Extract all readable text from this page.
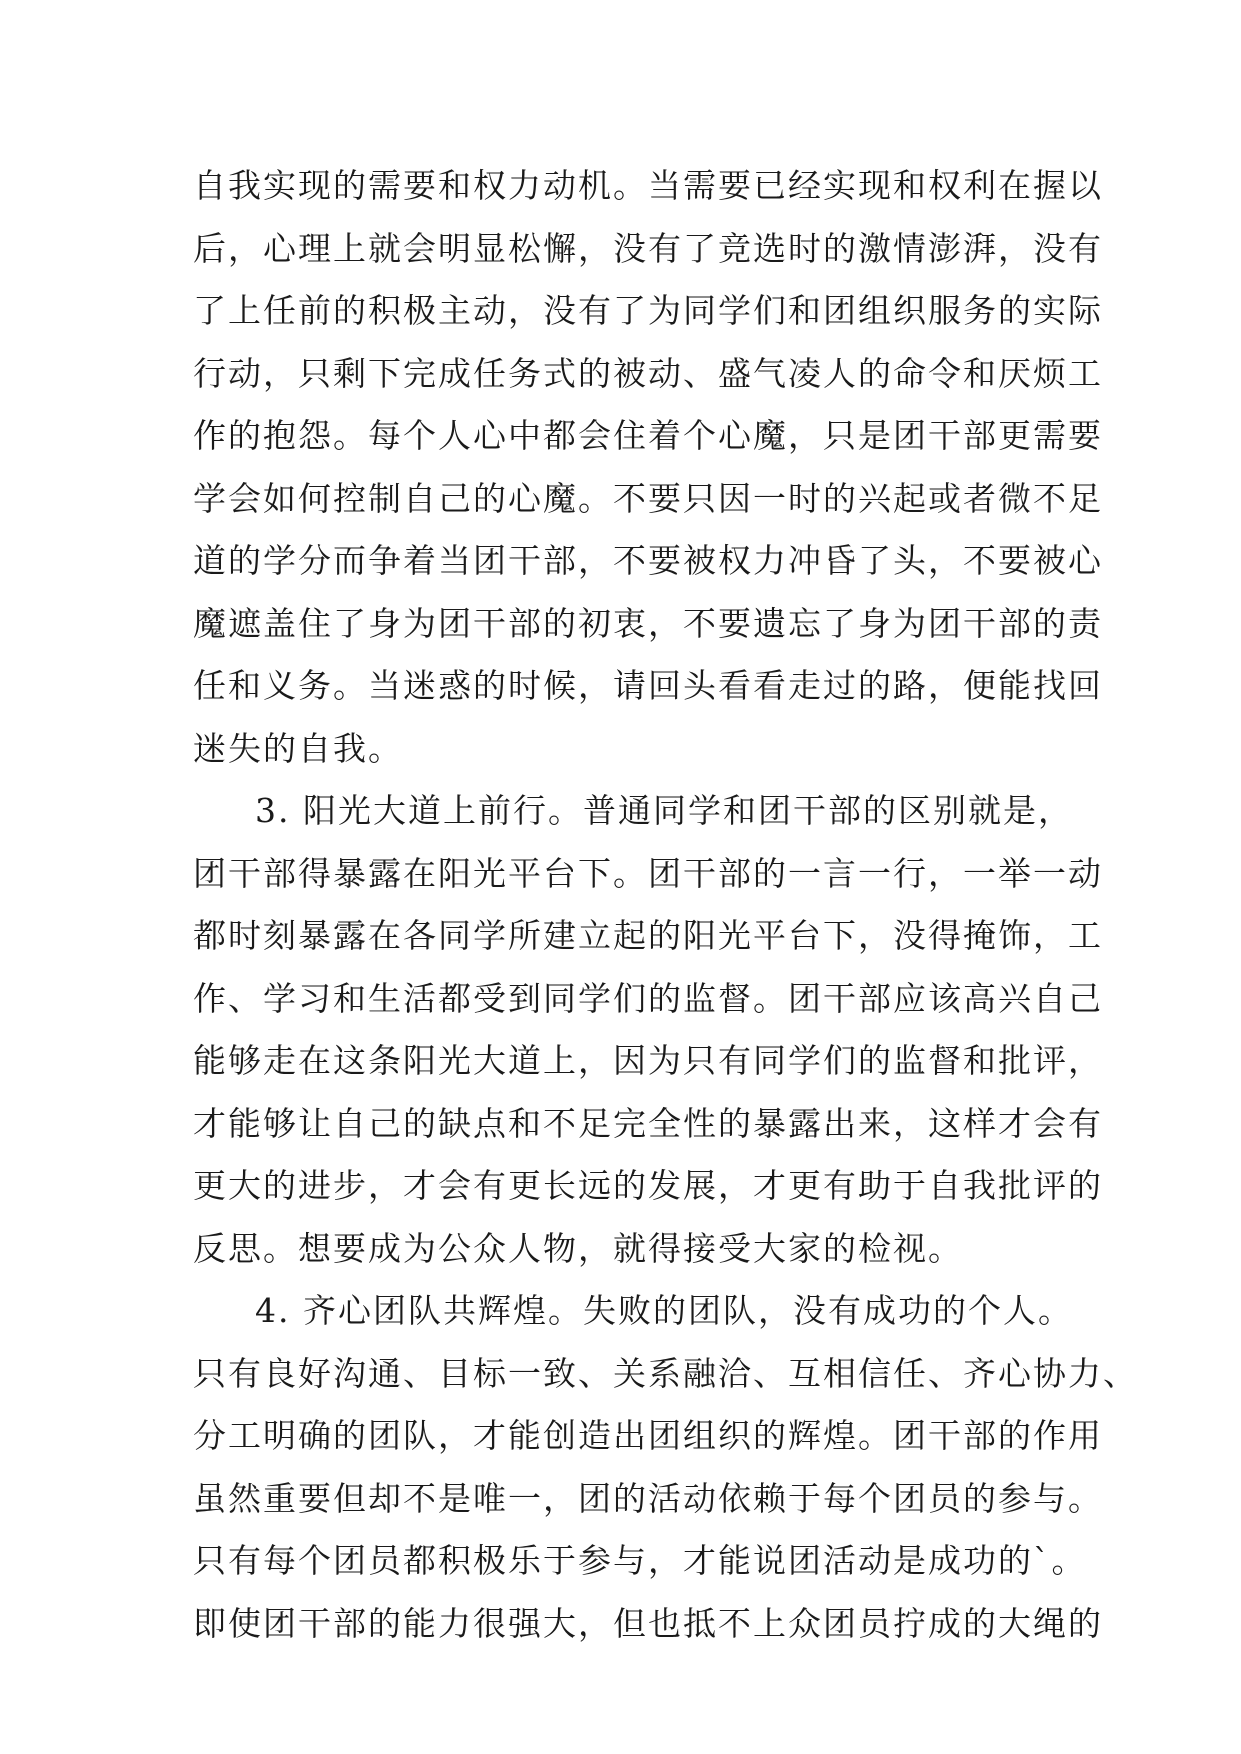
自我实现的需要和权力动机。当需要已经实现和权利在握以
后，心理上就会明显松懈，没有了竞选时的激情澎湃，没有
了上任前的积极主动，没有了为同学们和团组织服务的实际
行动，只剩下完成任务式的被动、盛气凌人的命令和厌烦工
作的抱怨。每个人心中都会住着个心魔，只是团干部更需要
学会如何控制自己的心魔。不要只因一时的兴起或者微不足
道的学分而争着当团干部，不要被权力冲昏了头，不要被心
魔遮盖住了身为团干部的初衷，不要遗忘了身为团干部的责
任和义务。当迷惑的时候，请回头看看走过的路，便能找回
迷失的自我。
3. 阳光大道上前行。普通同学和团干部的区别就是，
团干部得暴露在阳光平台下。团干部的一言一行，一举一动
都时刻暴露在各同学所建立起的阳光平台下，没得掩饰，工
作、学习和生活都受到同学们的监督。团干部应该高兴自己
能够走在这条阳光大道上，因为只有同学们的监督和批评，
才能够让自己的缺点和不足完全性的暴露出来，这样才会有
更大的进步，才会有更长远的发展，才更有助于自我批评的
反思。想要成为公众人物，就得接受大家的检视。
4. 齐心团队共辉煌。失败的团队，没有成功的个人。
只有良好沟通、目标一致、关系融洽、互相信任、齐心协力、
分工明确的团队，才能创造出团组织的辉煌。团干部的作用
虽然重要但却不是唯一，团的活动依赖于每个团员的参与。
只有每个团员都积极乐于参与，才能说团活动是成功的`。
即使团干部的能力很强大，但也抵不上众团员拧成的大绳的
